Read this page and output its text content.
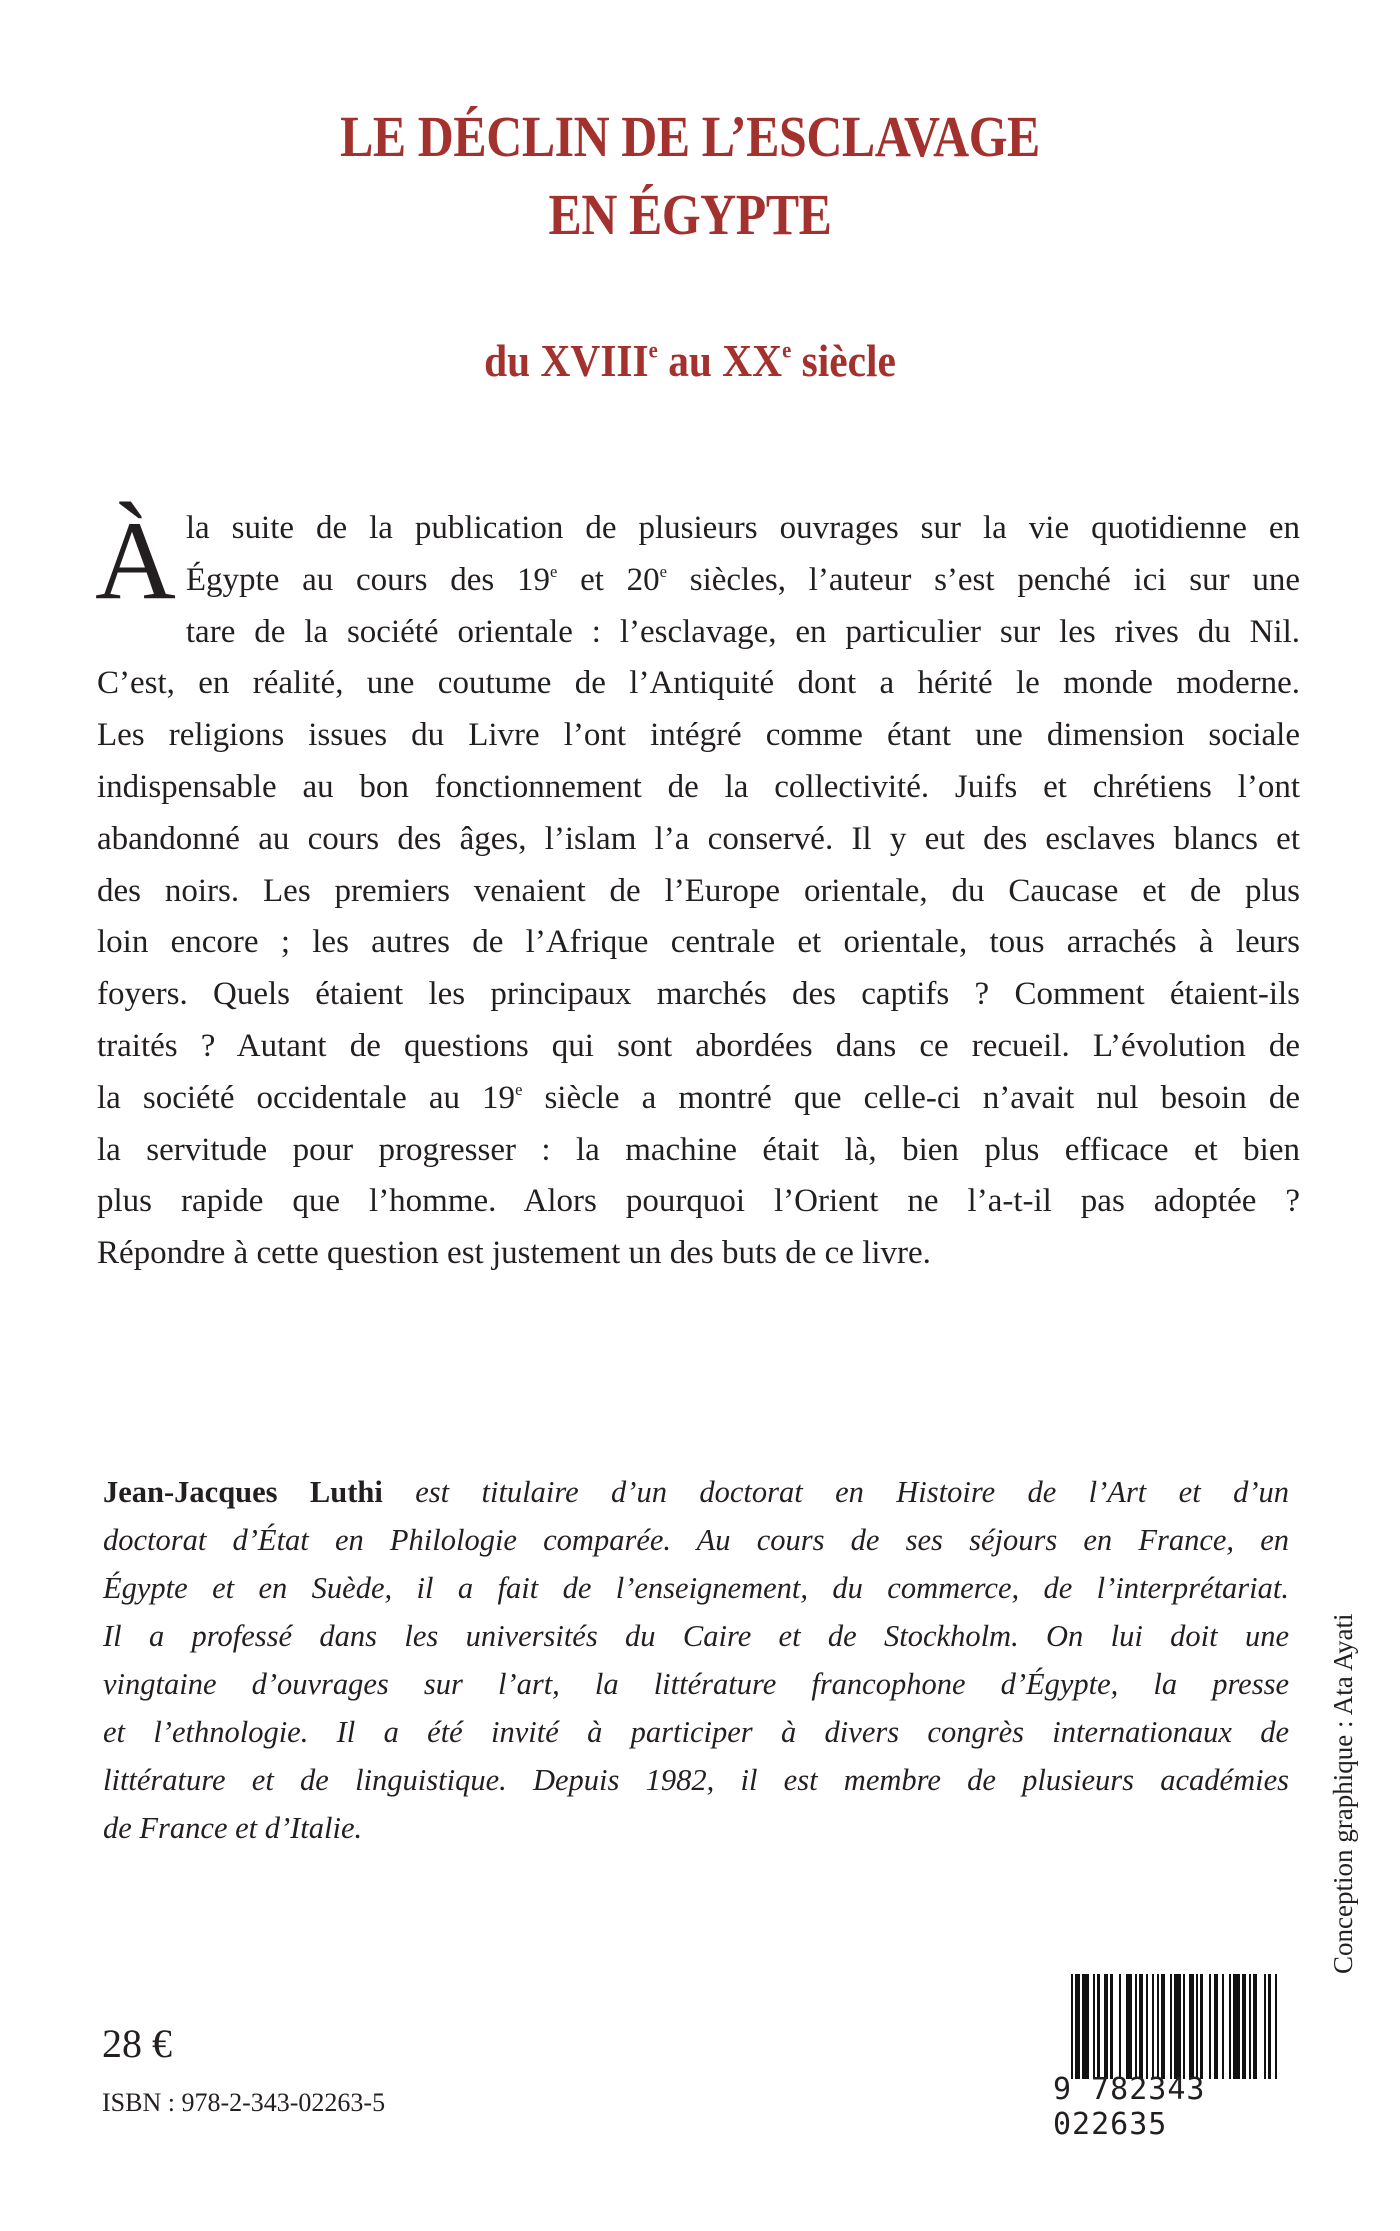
LE DÉCLIN DE L’ESCLAVAGE
EN ÉGYPTE
du XVIIIe au XXe siècle
À la suite de la publication de plusieurs ouvrages sur la vie quotidienne en
Égypte au cours des 19e et 20e siècles, l’auteur s’est penché ici sur une
tare de la société orientale : l’esclavage, en particulier sur les rives du Nil.
C’est, en réalité, une coutume de l’Antiquité dont a hérité le monde moderne.
Les religions issues du Livre l’ont intégré comme étant une dimension sociale
indispensable au bon fonctionnement de la collectivité. Juifs et chrétiens l’ont
abandonné au cours des âges, l’islam l’a conservé. Il y eut des esclaves blancs et
des noirs. Les premiers venaient de l’Europe orientale, du Caucase et de plus
loin encore ; les autres de l’Afrique centrale et orientale, tous arrachés à leurs
foyers. Quels étaient les principaux marchés des captifs ? Comment étaient-ils
traités ? Autant de questions qui sont abordées dans ce recueil. L’évolution de
la société occidentale au 19e siècle a montré que celle-ci n’avait nul besoin de
la servitude pour progresser : la machine était là, bien plus efficace et bien
plus rapide que l’homme. Alors pourquoi l’Orient ne l’a-t-il pas adoptée ?
Répondre à cette question est justement un des buts de ce livre.
Jean-Jacques Luthi est titulaire d’un doctorat en Histoire de l’Art et d’un
doctorat d’État en Philologie comparée. Au cours de ses séjours en France, en
Égypte et en Suède, il a fait de l’enseignement, du commerce, de l’interprétariat.
Il a professé dans les universités du Caire et de Stockholm. On lui doit une
vingtaine d’ouvrages sur l’art, la littérature francophone d’Égypte, la presse
et l’ethnologie. Il a été invité à participer à divers congrès internationaux de
littérature et de linguistique. Depuis 1982, il est membre de plusieurs académies
de France et d’Italie.	Conception graphique : Ata Ayati
28 €
ISBN : 978-2-343-02263-5	9 782343 022635
